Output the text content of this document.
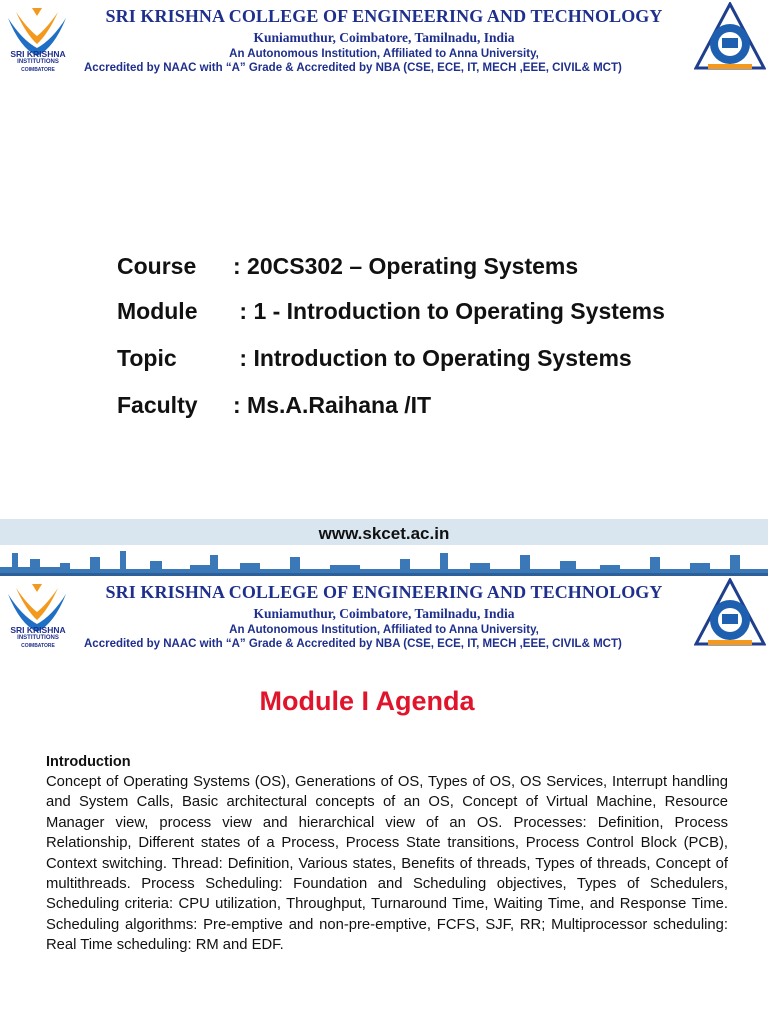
SRI KRISHNA COLLEGE OF ENGINEERING AND TECHNOLOGY
Kuniamuthur, Coimbatore, Tamilnadu, India
An Autonomous Institution, Affiliated to Anna University,
Accredited by NAAC with “A” Grade & Accredited by NBA (CSE, ECE, IT, MECH ,EEE, CIVIL& MCT)
SRI KRISHNA
INSTITUTIONS
COIMBATORE
Course : 20CS302 – Operating Systems
Module : 1 - Introduction to Operating Systems
Topic : Introduction to Operating Systems
Faculty : Ms.A.Raihana /IT
www.skcet.ac.in
SRI KRISHNA COLLEGE OF ENGINEERING AND TECHNOLOGY
Kuniamuthur, Coimbatore, Tamilnadu, India
An Autonomous Institution, Affiliated to Anna University,
Accredited by NAAC with “A” Grade & Accredited by NBA (CSE, ECE, IT, MECH ,EEE, CIVIL& MCT)
SRI KRISHNA
INSTITUTIONS
COIMBATORE
Module I Agenda
Introduction
Concept of Operating Systems (OS), Generations of OS, Types of OS, OS Services, Interrupt handling and System Calls, Basic architectural concepts of an OS, Concept of Virtual Machine, Resource Manager view, process view and hierarchical view of an OS. Processes: Definition, Process Relationship, Different states of a Process, Process State transitions, Process Control Block (PCB), Context switching. Thread: Definition, Various states, Benefits of threads, Types of threads, Concept of multithreads. Process Scheduling: Foundation and Scheduling objectives, Types of Schedulers, Scheduling criteria: CPU utilization, Throughput, Turnaround Time, Waiting Time, and Response Time. Scheduling algorithms: Pre-emptive and non-pre-emptive, FCFS, SJF, RR; Multiprocessor scheduling: Real Time scheduling: RM and EDF.
